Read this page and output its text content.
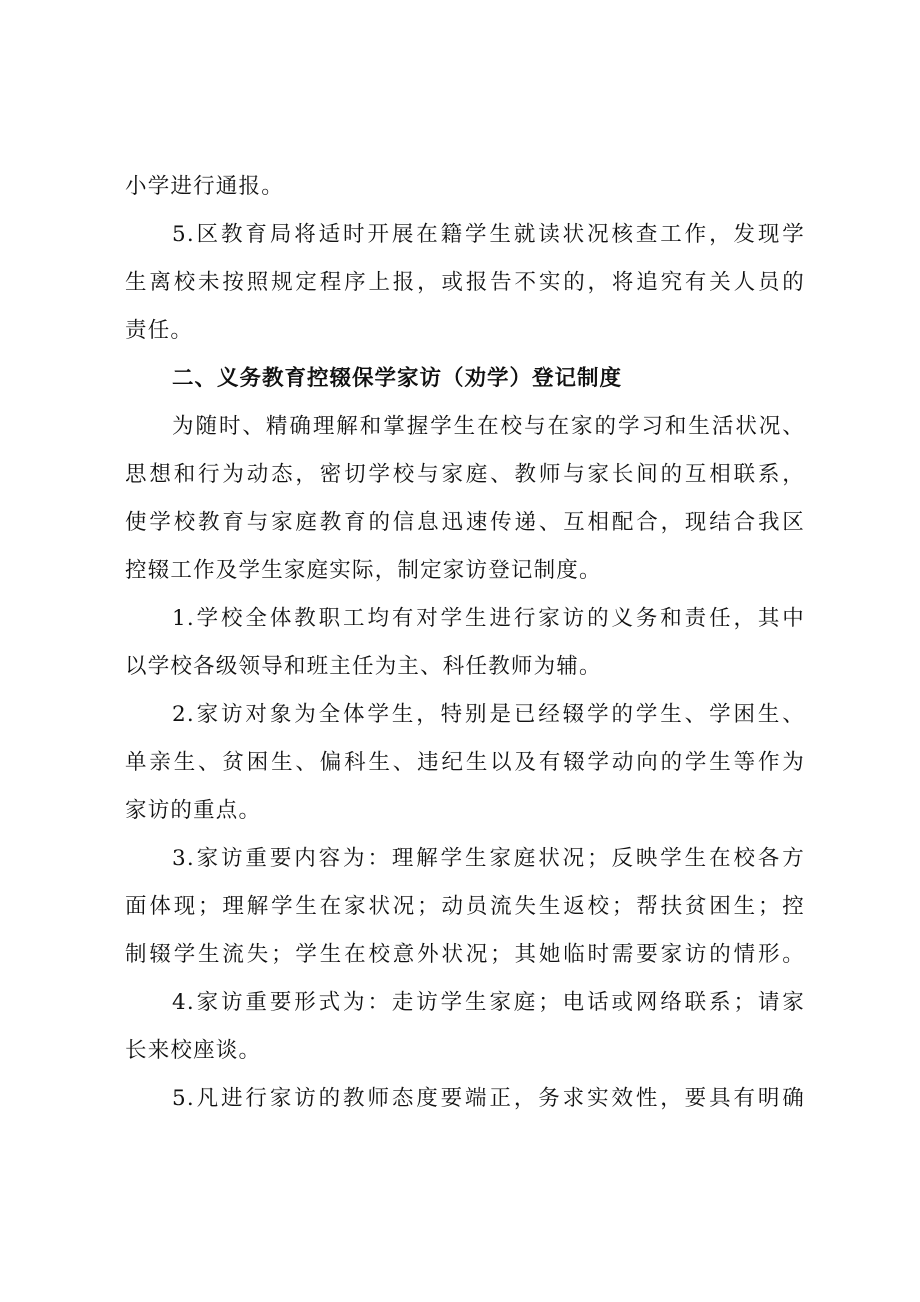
小学进行通报。
5.区教育局将适时开展在籍学生就读状况核查工作，发现学
生离校未按照规定程序上报，或报告不实的，将追究有关人员的
责任。
二、义务教育控辍保学家访（劝学）登记制度
为随时、精确理解和掌握学生在校与在家的学习和生活状况、
思想和行为动态，密切学校与家庭、教师与家长间的互相联系，
使学校教育与家庭教育的信息迅速传递、互相配合，现结合我区
控辍工作及学生家庭实际，制定家访登记制度。
1.学校全体教职工均有对学生进行家访的义务和责任，其中
以学校各级领导和班主任为主、科任教师为辅。
2.家访对象为全体学生，特别是已经辍学的学生、学困生、
单亲生、贫困生、偏科生、违纪生以及有辍学动向的学生等作为
家访的重点。
3.家访重要内容为：理解学生家庭状况；反映学生在校各方
面体现；理解学生在家状况；动员流失生返校；帮扶贫困生；控
制辍学生流失；学生在校意外状况；其她临时需要家访的情形。
4.家访重要形式为：走访学生家庭；电话或网络联系；请家
长来校座谈。
5.凡进行家访的教师态度要端正，务求实效性，要具有明确
